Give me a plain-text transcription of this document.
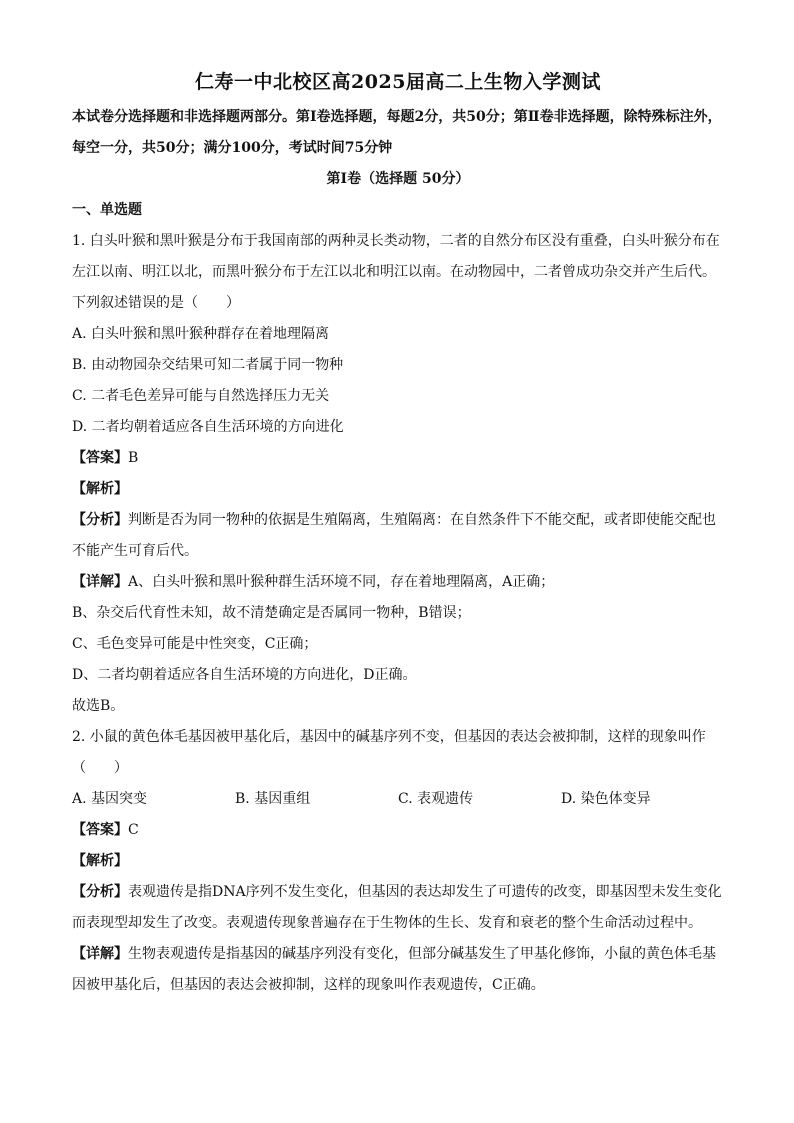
仁寿一中北校区高2025届高二上生物入学测试
本试卷分选择题和非选择题两部分。第Ⅰ卷选择题，每题2分，共50分；第Ⅱ卷非选择题，除特殊标注外，每空一分，共50分；满分100分，考试时间75分钟
第Ⅰ卷（选择题 50分）
一、单选题
1. 白头叶猴和黑叶猴是分布于我国南部的两种灵长类动物，二者的自然分布区没有重叠，白头叶猴分布在左江以南、明江以北，而黑叶猴分布于左江以北和明江以南。在动物园中，二者曾成功杂交并产生后代。下列叙述错误的是（　　）
A. 白头叶猴和黑叶猴种群存在着地理隔离
B. 由动物园杂交结果可知二者属于同一物种
C. 二者毛色差异可能与自然选择压力无关
D. 二者均朝着适应各自生活环境的方向进化
【答案】B
【解析】
【分析】判断是否为同一物种的依据是生殖隔离，生殖隔离：在自然条件下不能交配，或者即使能交配也不能产生可育后代。
【详解】A、白头叶猴和黑叶猴种群生活环境不同，存在着地理隔离，A正确；
B、杂交后代育性未知，故不清楚确定是否属同一物种，B错误；
C、毛色变异可能是中性突变，C正确；
D、二者均朝着适应各自生活环境的方向进化，D正确。
故选B。
2. 小鼠的黄色体毛基因被甲基化后，基因中的碱基序列不变，但基因的表达会被抑制，这样的现象叫作（　　）
A. 基因突变	B. 基因重组	C. 表观遗传	D. 染色体变异
【答案】C
【解析】
【分析】表观遗传是指DNA序列不发生变化，但基因的表达却发生了可遗传的改变，即基因型未发生变化而表现型却发生了改变。表观遗传现象普遍存在于生物体的生长、发育和衰老的整个生命活动过程中。
【详解】生物表观遗传是指基因的碱基序列没有变化，但部分碱基发生了甲基化修饰，小鼠的黄色体毛基因被甲基化后，但基因的表达会被抑制，这样的现象叫作表观遗传，C正确。
